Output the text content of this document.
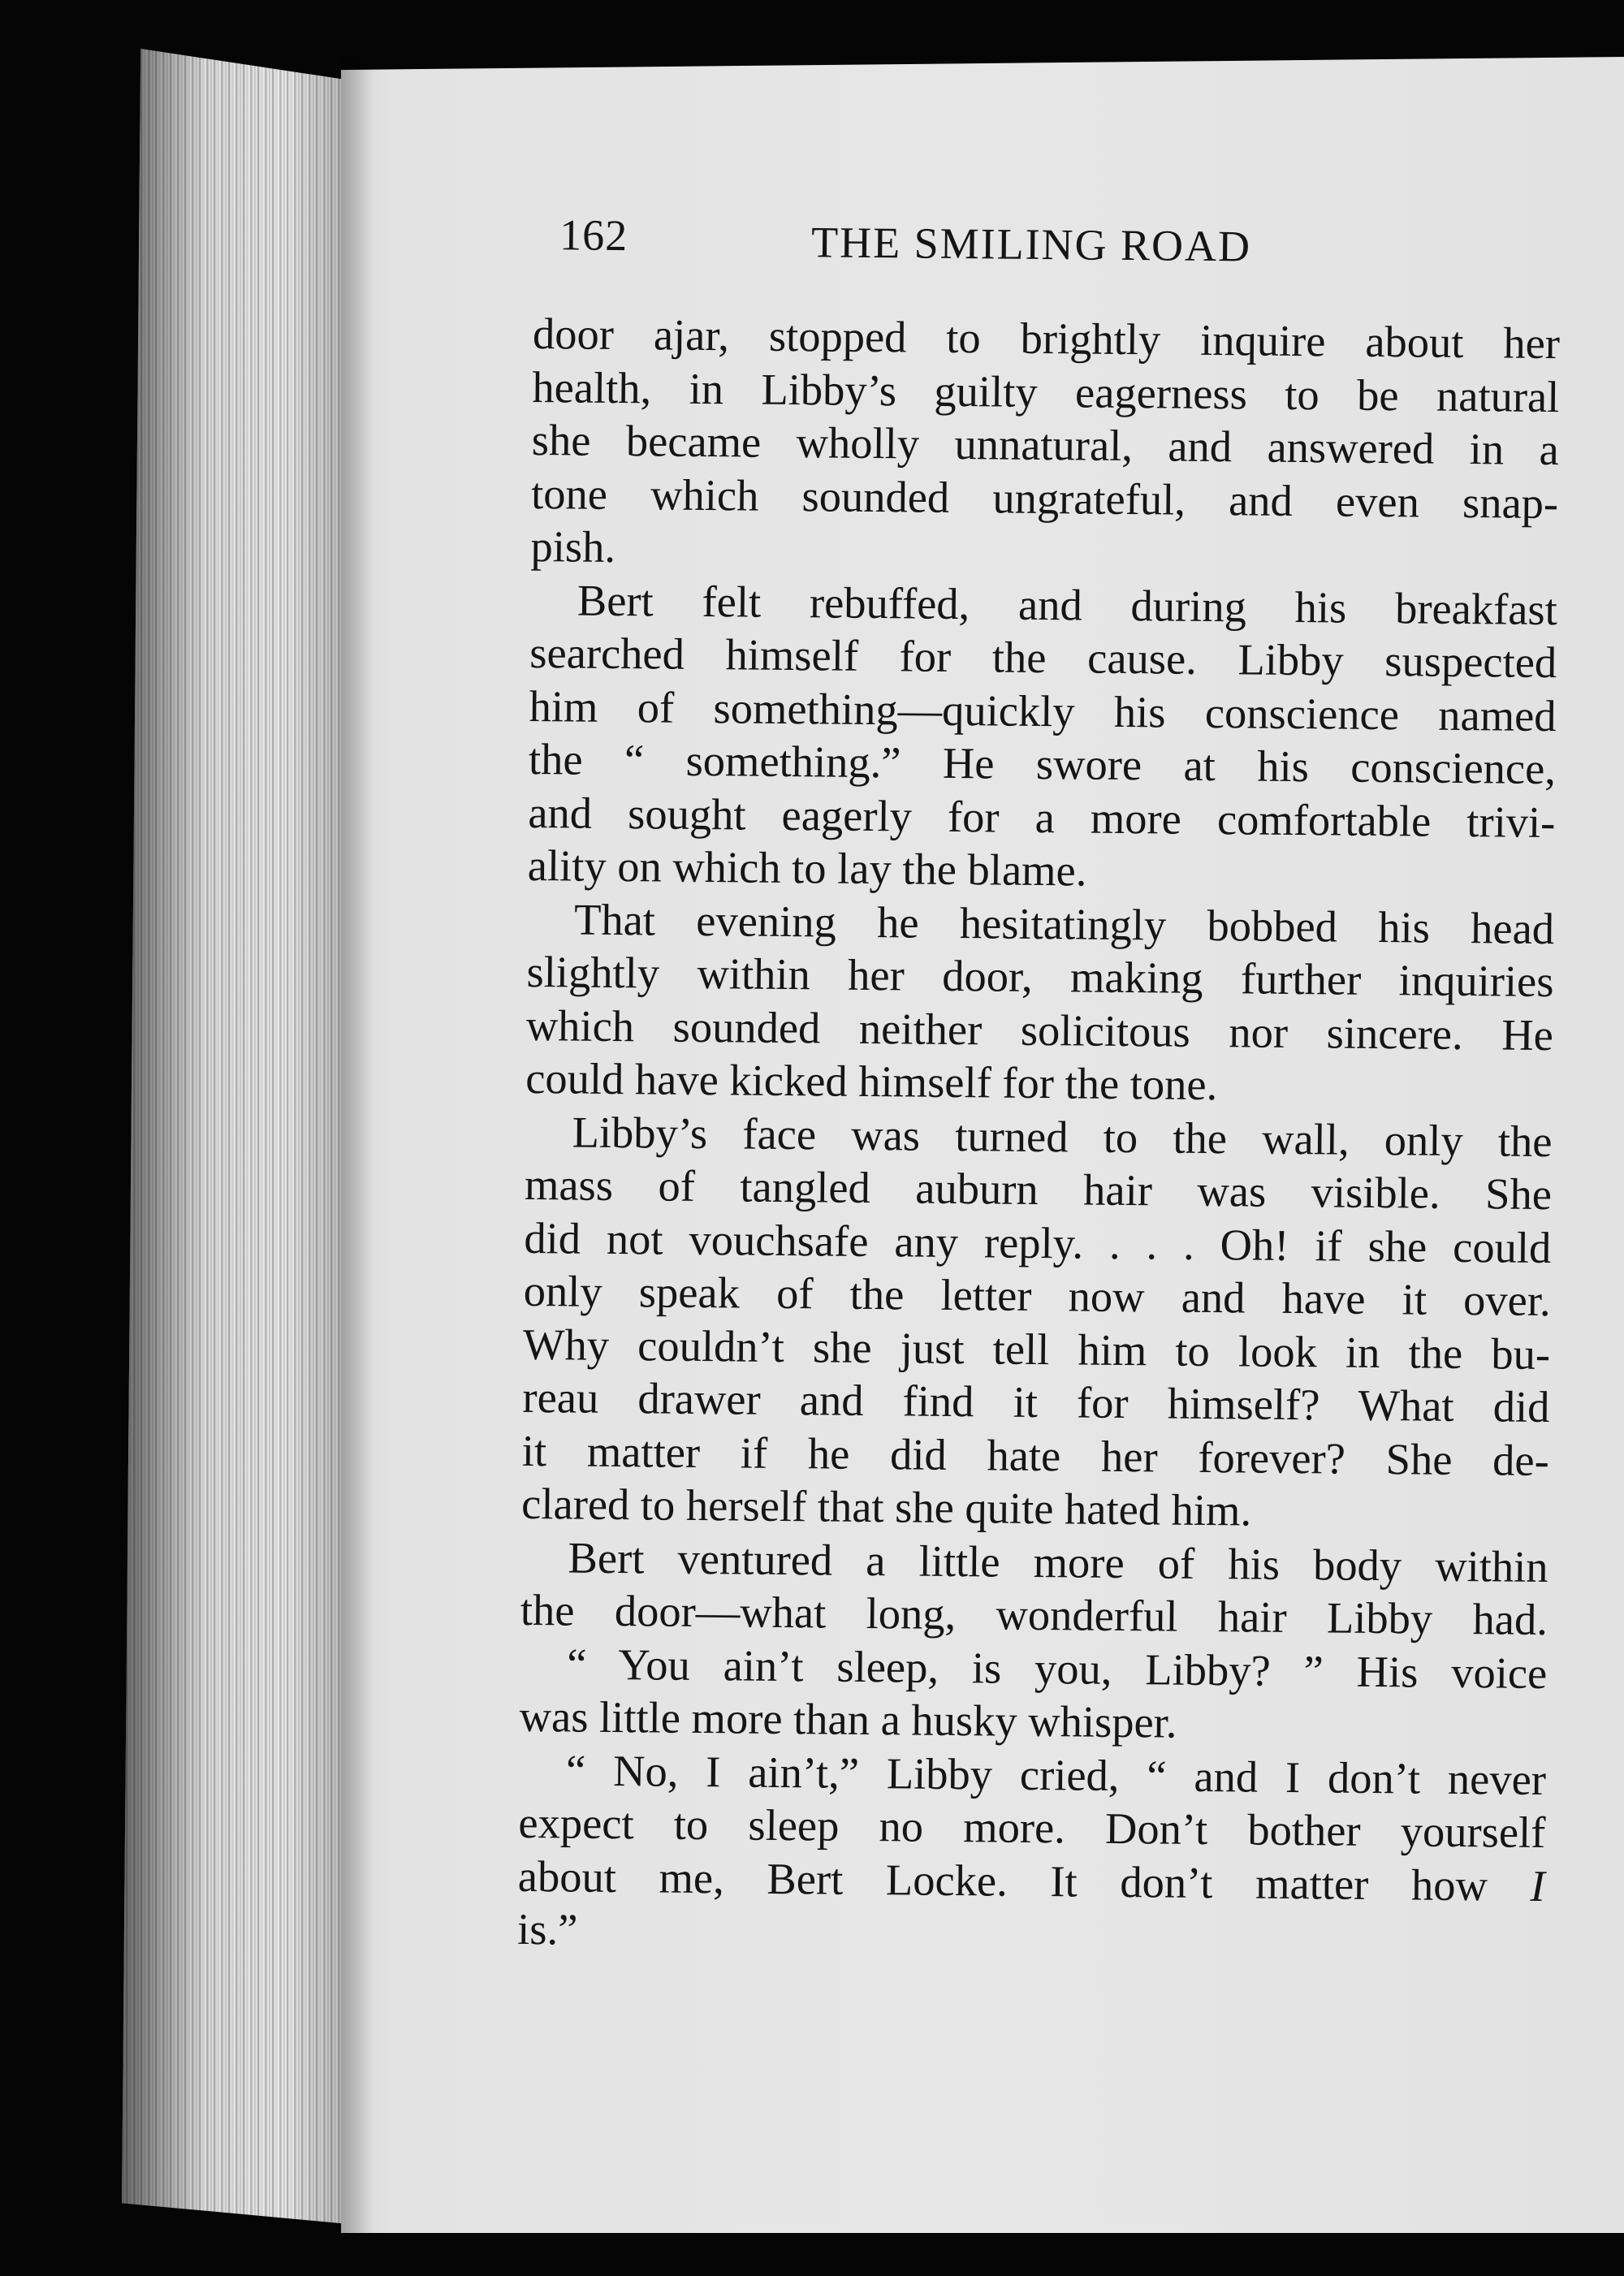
162	THE SMILING ROAD
door ajar, stopped to brightly inquire about her
health, in Libby’s guilty eagerness to be natural
she became wholly unnatural, and answered in a
tone which sounded ungrateful, and even snap-
pish.
Bert felt rebuffed, and during his breakfast
searched himself for the cause. Libby suspected
him of something—quickly his conscience named
the “ something.” He swore at his conscience,
and sought eagerly for a more comfortable trivi-
ality on which to lay the blame.
That evening he hesitatingly bobbed his head
slightly within her door, making further inquiries
which sounded neither solicitous nor sincere. He
could have kicked himself for the tone.
Libby’s face was turned to the wall, only the
mass of tangled auburn hair was visible. She
did not vouchsafe any reply. . . . Oh! if she could
only speak of the letter now and have it over.
Why couldn’t she just tell him to look in the bu-
reau drawer and find it for himself? What did
it matter if he did hate her forever? She de-
clared to herself that she quite hated him.
Bert ventured a little more of his body within
the door—what long, wonderful hair Libby had.
“ You ain’t sleep, is you, Libby? ” His voice
was little more than a husky whisper.
“ No, I ain’t,” Libby cried, “ and I don’t never
expect to sleep no more. Don’t bother yourself
about me, Bert Locke. It don’t matter how I
is.”
